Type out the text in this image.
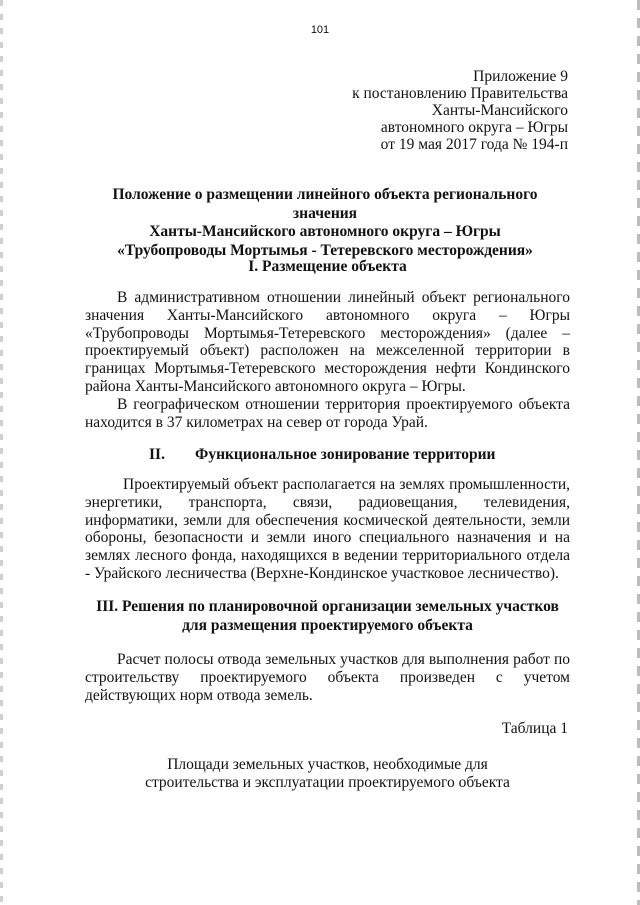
101
Приложение 9
к постановлению Правительства
Ханты-Мансийского
автономного округа – Югры
от 19 мая 2017 года № 194-п
Положение о размещении линейного объекта регионального значения
Ханты-Мансийского автономного округа – Югры
«Трубопроводы Мортымья - Тетеревского месторождения»
I. Размещение объекта

В административном отношении линейный объект регионального значения Ханты-Мансийского автономного округа – Югры «Трубопроводы Мортымья-Тетеревского месторождения» (далее – проектируемый объект) расположен на межселенной территории в границах Мортымья-Тетеревского месторождения нефти Кондинского района Ханты-Мансийского автономного округа – Югры.

В географическом отношении территория проектируемого объекта находится в 37 километрах на север от города Урай.

II.	Функциональное зонирование территории

Проектируемый объект располагается на землях промышленности, энергетики, транспорта, связи, радиовещания, телевидения, информатики, земли для обеспечения космической деятельности, земли обороны, безопасности и земли иного специального назначения и на землях лесного фонда, находящихся в ведении территориального отдела - Урайского лесничества (Верхне-Кондинское участковое лесничество).

III. Решения по планировочной организации земельных участков
для размещения проектируемого объекта

Расчет полосы отвода земельных участков для выполнения работ по строительству проектируемого объекта произведен с учетом действующих норм отвода земель.

Таблица 1
Площади земельных участков, необходимые для
строительства и эксплуатации проектируемого объекта
